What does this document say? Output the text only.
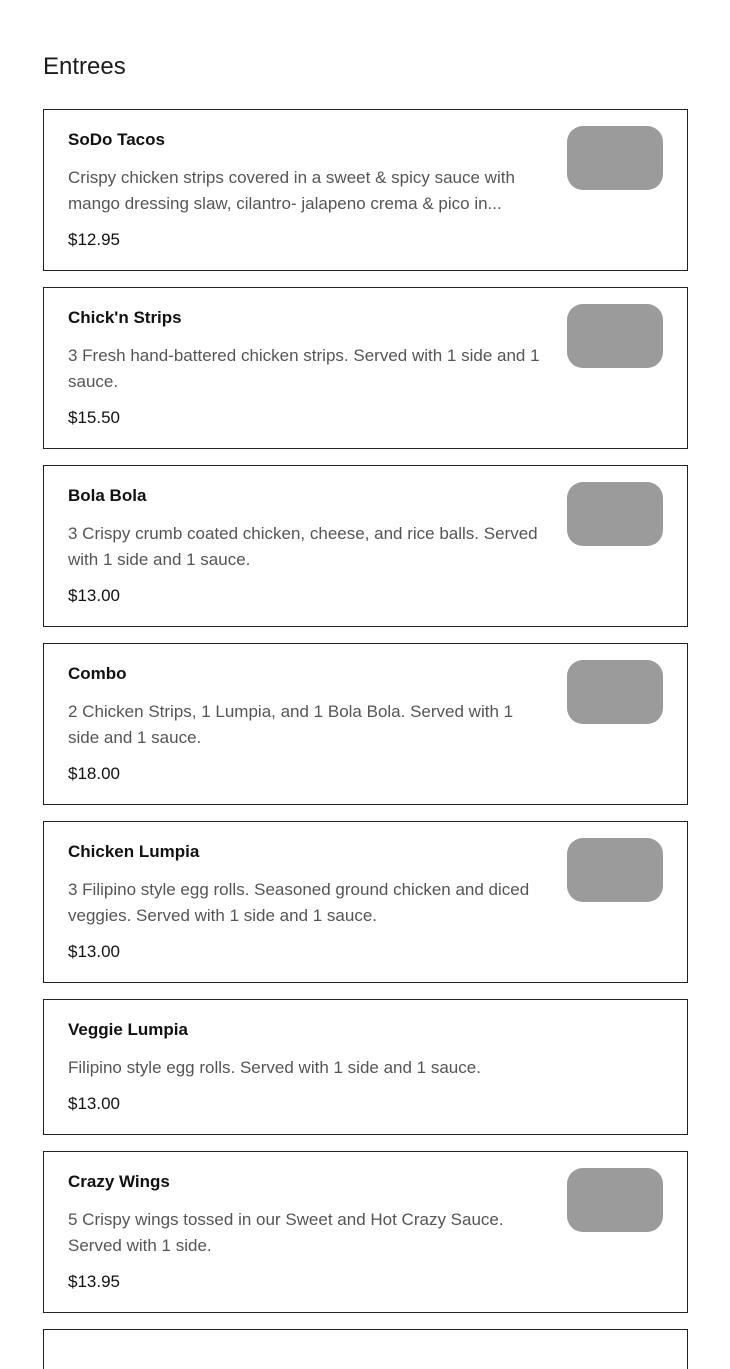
Entrees
SoDo Tacos
Crispy chicken strips covered in a sweet & spicy sauce with mango dressing slaw, cilantro- jalapeno crema & pico in...
$12.95
Chick'n Strips
3 Fresh hand-battered chicken strips. Served with 1 side and 1 sauce.
$15.50
Bola Bola
3 Crispy crumb coated chicken, cheese, and rice balls. Served with 1 side and 1 sauce.
$13.00
Combo
2 Chicken Strips, 1 Lumpia, and 1 Bola Bola. Served with 1 side and 1 sauce.
$18.00
Chicken Lumpia
3 Filipino style egg rolls. Seasoned ground chicken and diced veggies. Served with 1 side and 1 sauce.
$13.00
Veggie Lumpia
Filipino style egg rolls. Served with 1 side and 1 sauce.
$13.00
Crazy Wings
5 Crispy wings tossed in our Sweet and Hot Crazy Sauce. Served with 1 side.
$13.95
